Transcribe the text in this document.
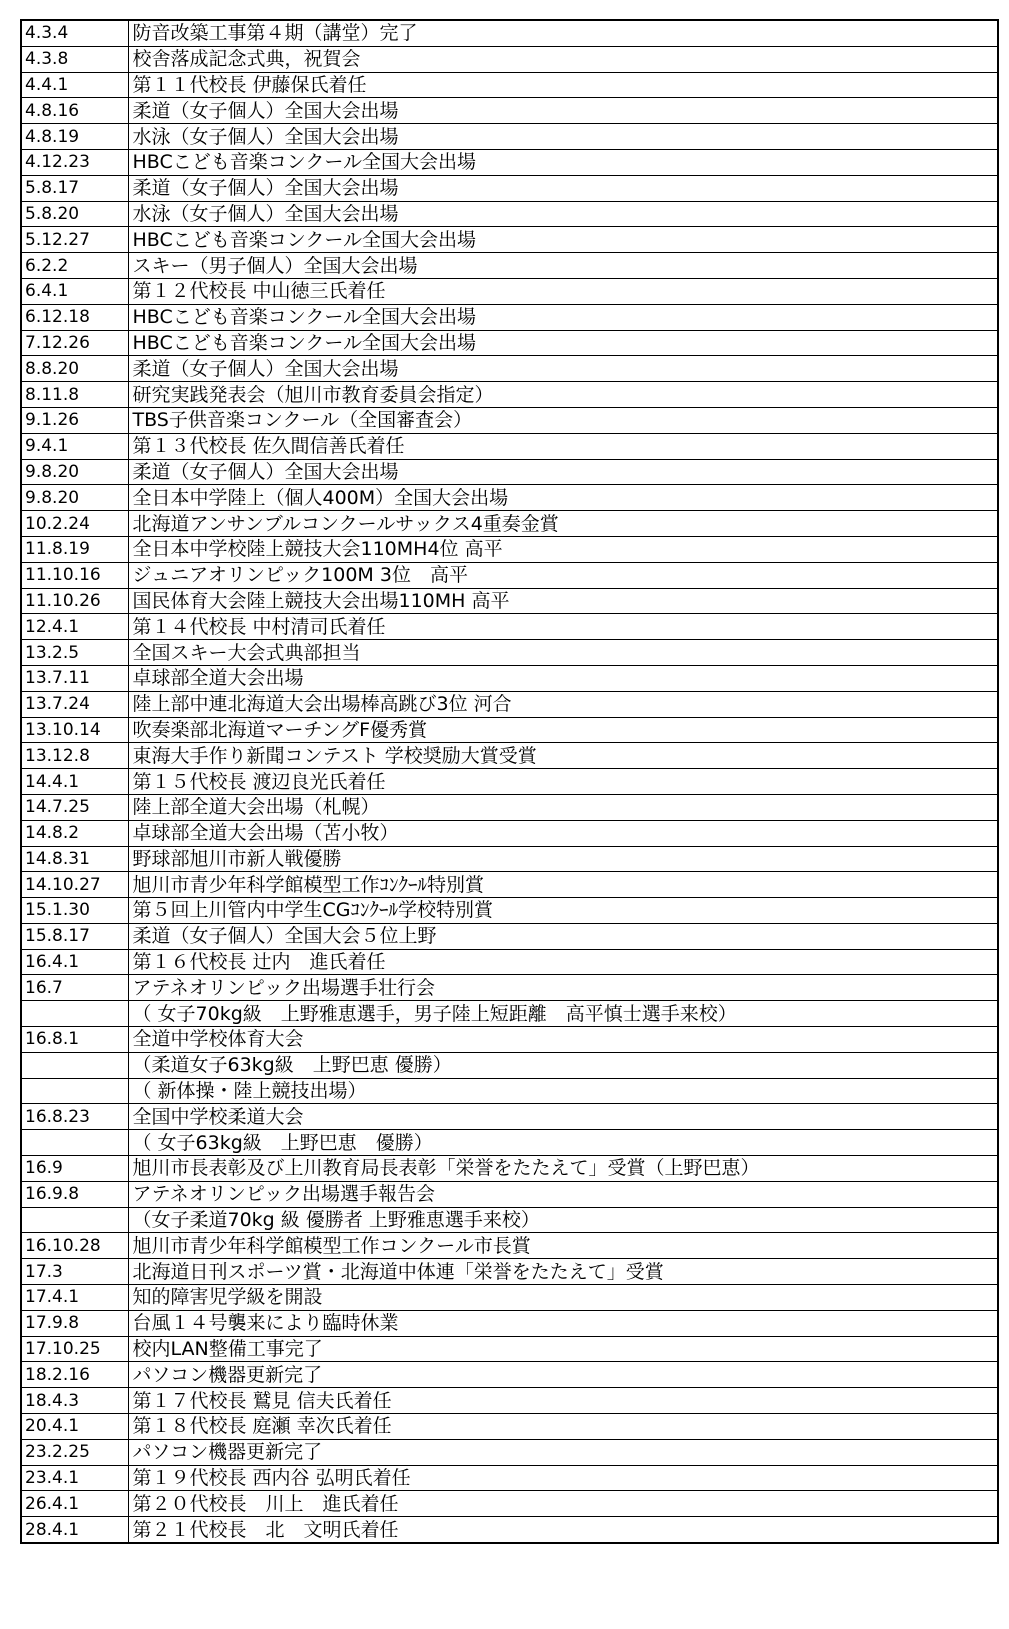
4.3.4	防音改築工事第４期（講堂）完了
4.3.8	校舎落成記念式典，祝賀会
4.4.1	第１１代校長 伊藤保氏着任
4.8.16	柔道（女子個人）全国大会出場
4.8.19	水泳（女子個人）全国大会出場
4.12.23	HBCこども音楽コンクール全国大会出場
5.8.17	柔道（女子個人）全国大会出場
5.8.20	水泳（女子個人）全国大会出場
5.12.27	HBCこども音楽コンクール全国大会出場
6.2.2	スキー（男子個人）全国大会出場
6.4.1	第１２代校長 中山徳三氏着任
6.12.18	HBCこども音楽コンクール全国大会出場
7.12.26	HBCこども音楽コンクール全国大会出場
8.8.20	柔道（女子個人）全国大会出場
8.11.8	研究実践発表会（旭川市教育委員会指定）
9.1.26	TBS子供音楽コンクール（全国審査会）
9.4.1	第１３代校長 佐久間信善氏着任
9.8.20	柔道（女子個人）全国大会出場
9.8.20	全日本中学陸上（個人400M）全国大会出場
10.2.24	北海道アンサンブルコンクールサックス4重奏金賞
11.8.19	全日本中学校陸上競技大会110MH4位 高平
11.10.16	ジュニアオリンピック100M 3位　高平
11.10.26	国民体育大会陸上競技大会出場110MH 高平
12.4.1	第１４代校長 中村清司氏着任
13.2.5	全国スキー大会式典部担当
13.7.11	卓球部全道大会出場
13.7.24	陸上部中連北海道大会出場棒高跳び3位 河合
13.10.14	吹奏楽部北海道マーチングF優秀賞
13.12.8	東海大手作り新聞コンテスト 学校奨励大賞受賞
14.4.1	第１５代校長 渡辺良光氏着任
14.7.25	陸上部全道大会出場（札幌）
14.8.2	卓球部全道大会出場（苫小牧）
14.8.31	野球部旭川市新人戦優勝
14.10.27	旭川市青少年科学館模型工作ｺﾝｸｰﾙ特別賞
15.1.30	第５回上川管内中学生CGｺﾝｸｰﾙ学校特別賞
15.8.17	柔道（女子個人）全国大会５位上野
16.4.1	第１６代校長 辻内　進氏着任
16.7	アテネオリンピック出場選手壮行会
	（ 女子70kg級　上野雅恵選手，男子陸上短距離　高平慎士選手来校）
16.8.1	全道中学校体育大会
	（柔道女子63kg級　上野巴恵 優勝）
	（ 新体操・陸上競技出場）
16.8.23	全国中学校柔道大会
	（ 女子63kg級　上野巴恵　優勝）
16.9	旭川市長表彰及び上川教育局長表彰「栄誉をたたえて」受賞（上野巴恵）
16.9.8	アテネオリンピック出場選手報告会
	（女子柔道70kg 級 優勝者 上野雅恵選手来校）
16.10.28	旭川市青少年科学館模型工作コンクール市長賞
17.3	北海道日刊スポーツ賞・北海道中体連「栄誉をたたえて」受賞
17.4.1	知的障害児学級を開設
17.9.8	台風１４号襲来により臨時休業
17.10.25	校内LAN整備工事完了
18.2.16	パソコン機器更新完了
18.4.3	第１７代校長 鷲見 信夫氏着任
20.4.1	第１８代校長 庭瀬 幸次氏着任
23.2.25	パソコン機器更新完了
23.4.1	第１９代校長 西内谷 弘明氏着任
26.4.1	第２０代校長　川上　進氏着任
28.4.1	第２１代校長　北　文明氏着任
